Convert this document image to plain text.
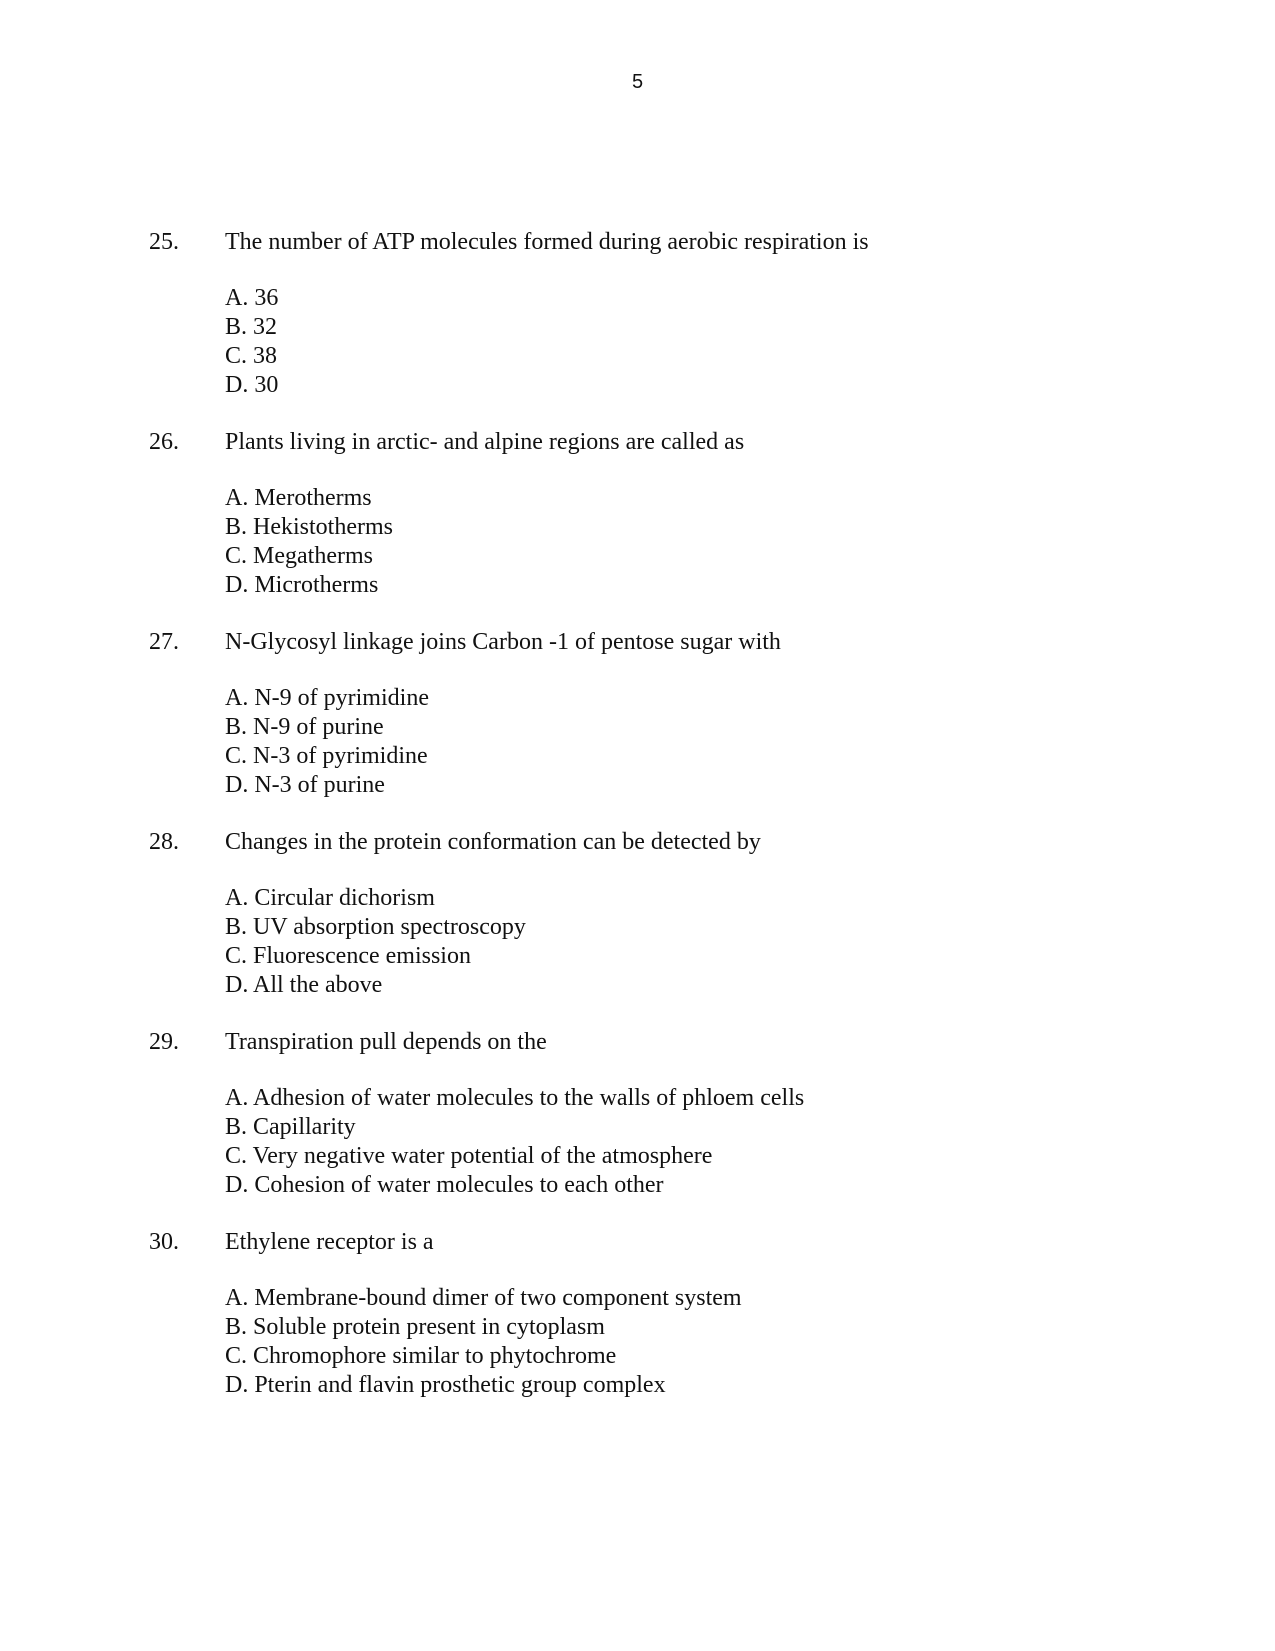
5
25. The number of ATP molecules formed during aerobic respiration is
A. 36
B. 32
C. 38
D. 30
26. Plants living in arctic- and alpine regions are called as
A. Merotherms
B. Hekistotherms
C. Megatherms
D. Microtherms
27. N-Glycosyl linkage joins Carbon -1 of pentose sugar with
A. N-9 of pyrimidine
B. N-9 of purine
C. N-3 of pyrimidine
D. N-3 of purine
28. Changes in the protein conformation can be detected by
A. Circular dichorism
B. UV absorption spectroscopy
C. Fluorescence emission
D. All the above
29. Transpiration pull depends on the
A. Adhesion of water molecules to the walls of phloem cells
B. Capillarity
C. Very negative water potential of the atmosphere
D. Cohesion of water molecules to each other
30. Ethylene receptor is a
A. Membrane-bound dimer of two component system
B. Soluble protein present in cytoplasm
C. Chromophore similar to phytochrome
D. Pterin and flavin prosthetic group complex
